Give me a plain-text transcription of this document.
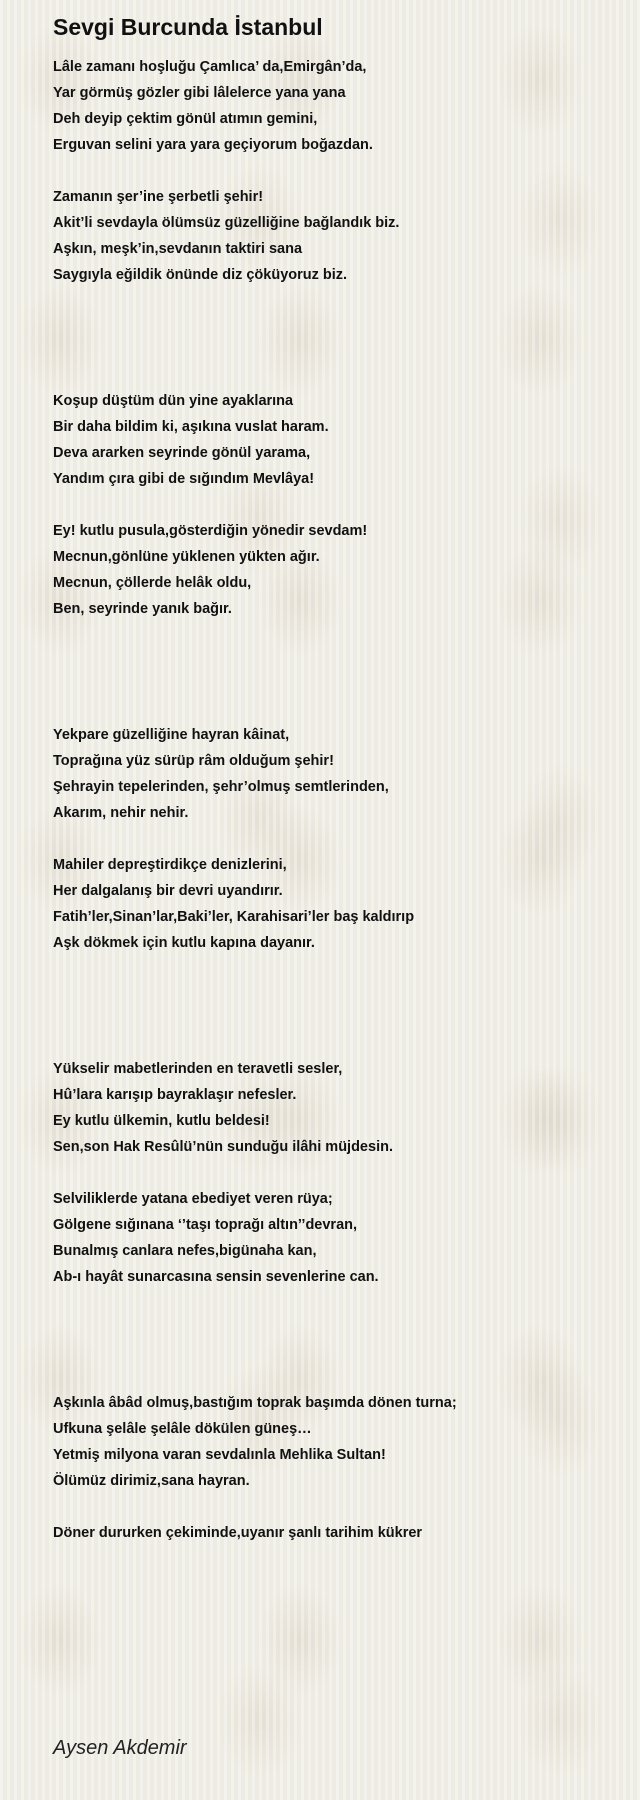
Sevgi Burcunda İstanbul
Lâle zamanı hoşluğu Çamlıca’ da,Emirgân’da,
Yar görmüş gözler gibi lâlelerce yana yana
Deh deyip çektim gönül atımın gemini,
Erguvan selini yara yara geçiyorum boğazdan.
Zamanın şer’ine şerbetli şehir!
Akit’li sevdayla ölümsüz güzelliğine bağlandık biz.
Aşkın, meşk’in,sevdanın taktiri sana
Saygıyla eğildik önünde diz çöküyoruz biz.
Koşup düştüm dün yine ayaklarına
Bir daha bildim ki, aşıkına vuslat haram.
Deva ararken seyrinde gönül yarama,
Yandım çıra gibi de sığındım Mevlâya!
Ey! kutlu pusula,gösterdiğin yönedir sevdam!
Mecnun,gönlüne yüklenen yükten ağır.
Mecnun, çöllerde helâk oldu,
Ben, seyrinde yanık bağır.
Yekpare güzelliğine hayran kâinat,
Toprağına yüz sürüp râm olduğum şehir!
Şehrayin tepelerinden, şehr’olmuş semtlerinden,
Akarım, nehir nehir.
Mahiler depreştirdikçe denizlerini,
Her dalgalanış bir devri uyandırır.
Fatih’ler,Sinan’lar,Baki’ler, Karahisari’ler baş kaldırıp
Aşk dökmek için kutlu kapına dayanır.
Yükselir mabetlerinden en teravetli sesler,
Hû’lara karışıp bayraklaşır nefesler.
Ey kutlu ülkemin, kutlu beldesi!
Sen,son Hak Resûlü’nün sunduğu ilâhi müjdesin.
Selviliklerde yatana ebediyet veren rüya;
Gölgene sığınana ‘’taşı toprağı altın’’devran,
Bunalmış canlara nefes,bigünaha kan,
Ab-ı hayât sunarcasına sensin sevenlerine can.
Aşkınla âbâd olmuş,bastığım toprak başımda dönen turna;
Ufkuna şelâle şelâle dökülen güneş…
Yetmiş milyona varan sevdalınla Mehlika Sultan!
Ölümüz dirimiz,sana hayran.
Döner dururken çekiminde,uyanır şanlı tarihim kükrer
Aysen Akdemir
